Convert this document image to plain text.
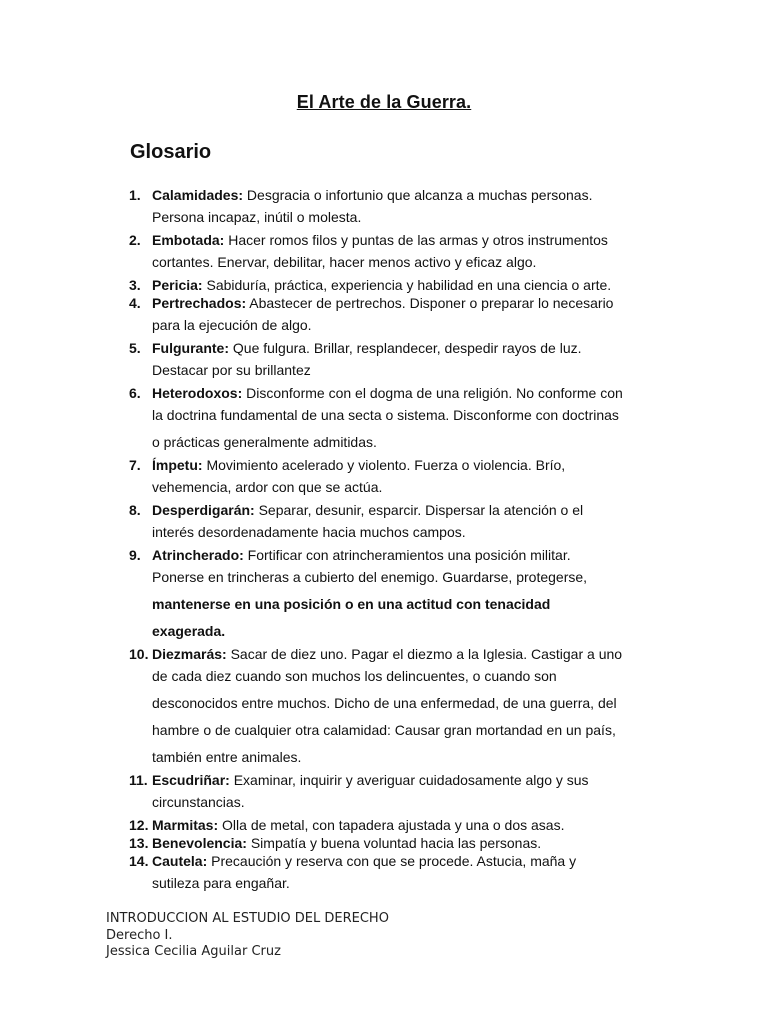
El Arte de la Guerra.
Glosario
1. Calamidades: Desgracia o infortunio que alcanza a muchas personas.
Persona incapaz, inútil o molesta.
2. Embotada: Hacer romos filos y puntas de las armas y otros instrumentos
cortantes. Enervar, debilitar, hacer menos activo y eficaz algo.
3. Pericia: Sabiduría, práctica, experiencia y habilidad en una ciencia o arte.
4. Pertrechados: Abastecer de pertrechos. Disponer o preparar lo necesario
para la ejecución de algo.
5. Fulgurante: Que fulgura. Brillar, resplandecer, despedir rayos de luz.
Destacar por su brillantez
6. Heterodoxos: Disconforme con el dogma de una religión. No conforme con
la doctrina fundamental de una secta o sistema. Disconforme con doctrinas
o prácticas generalmente admitidas.
7. Ímpetu: Movimiento acelerado y violento. Fuerza o violencia. Brío,
vehemencia, ardor con que se actúa.
8. Desperdigarán: Separar, desunir, esparcir. Dispersar la atención o el
interés desordenadamente hacia muchos campos.
9. Atrincherado: Fortificar con atrincheramientos una posición militar.
Ponerse en trincheras a cubierto del enemigo. Guardarse, protegerse,
mantenerse en una posición o en una actitud con tenacidad
exagerada.
10. Diezmarás: Sacar de diez uno. Pagar el diezmo a la Iglesia. Castigar a uno
de cada diez cuando son muchos los delincuentes, o cuando son
desconocidos entre muchos. Dicho de una enfermedad, de una guerra, del
hambre o de cualquier otra calamidad: Causar gran mortandad en un país,
también entre animales.
11. Escudriñar: Examinar, inquirir y averiguar cuidadosamente algo y sus
circunstancias.
12. Marmitas: Olla de metal, con tapadera ajustada y una o dos asas.
13. Benevolencia: Simpatía y buena voluntad hacia las personas.
14. Cautela: Precaución y reserva con que se procede. Astucia, maña y
sutileza para engañar.
INTRODUCCION AL ESTUDIO DEL DERECHO
Derecho I.
Jessica Cecilia Aguilar Cruz
